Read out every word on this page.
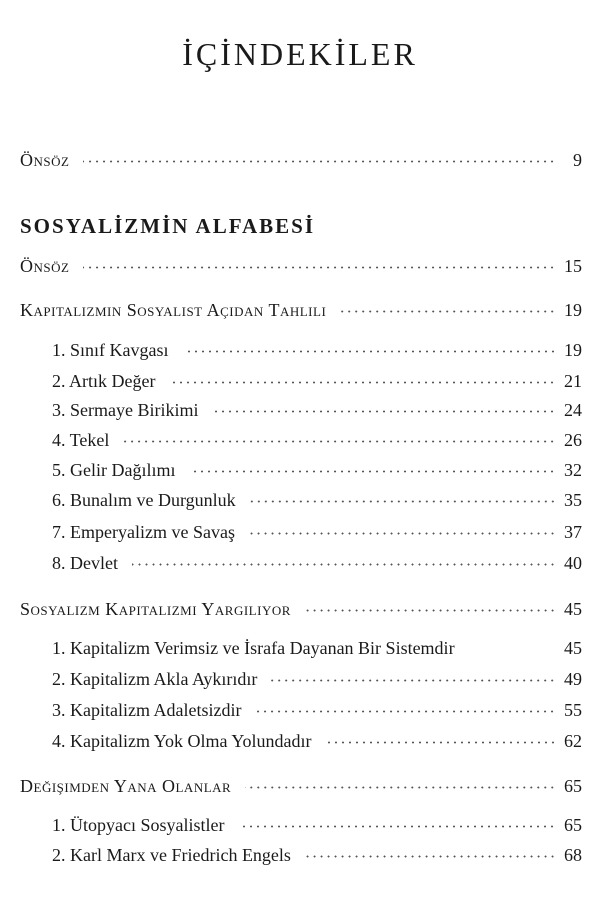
İÇİNDEKİLER
Önsöz	9
SOSYALİZMİN ALFABESİ
Önsöz	15
Kapitalizmin Sosyalist Açıdan Tahlili	19
1. Sınıf Kavgası	19
2. Artık Değer	21
3. Sermaye Birikimi	24
4. Tekel	26
5. Gelir Dağılımı	32
6. Bunalım ve Durgunluk	35
7. Emperyalizm ve Savaş	37
8. Devlet	40
Sosyalizm Kapitalizmi Yargılıyor	45
1. Kapitalizm Verimsiz ve İsrafa Dayanan Bir Sistemdir	45
2. Kapitalizm Akla Aykırıdır	49
3. Kapitalizm Adaletsizdir	55
4. Kapitalizm Yok Olma Yolundadır	62
Değişimden Yana Olanlar	65
1. Ütopyacı Sosyalistler	65
2. Karl Marx ve Friedrich Engels	68
